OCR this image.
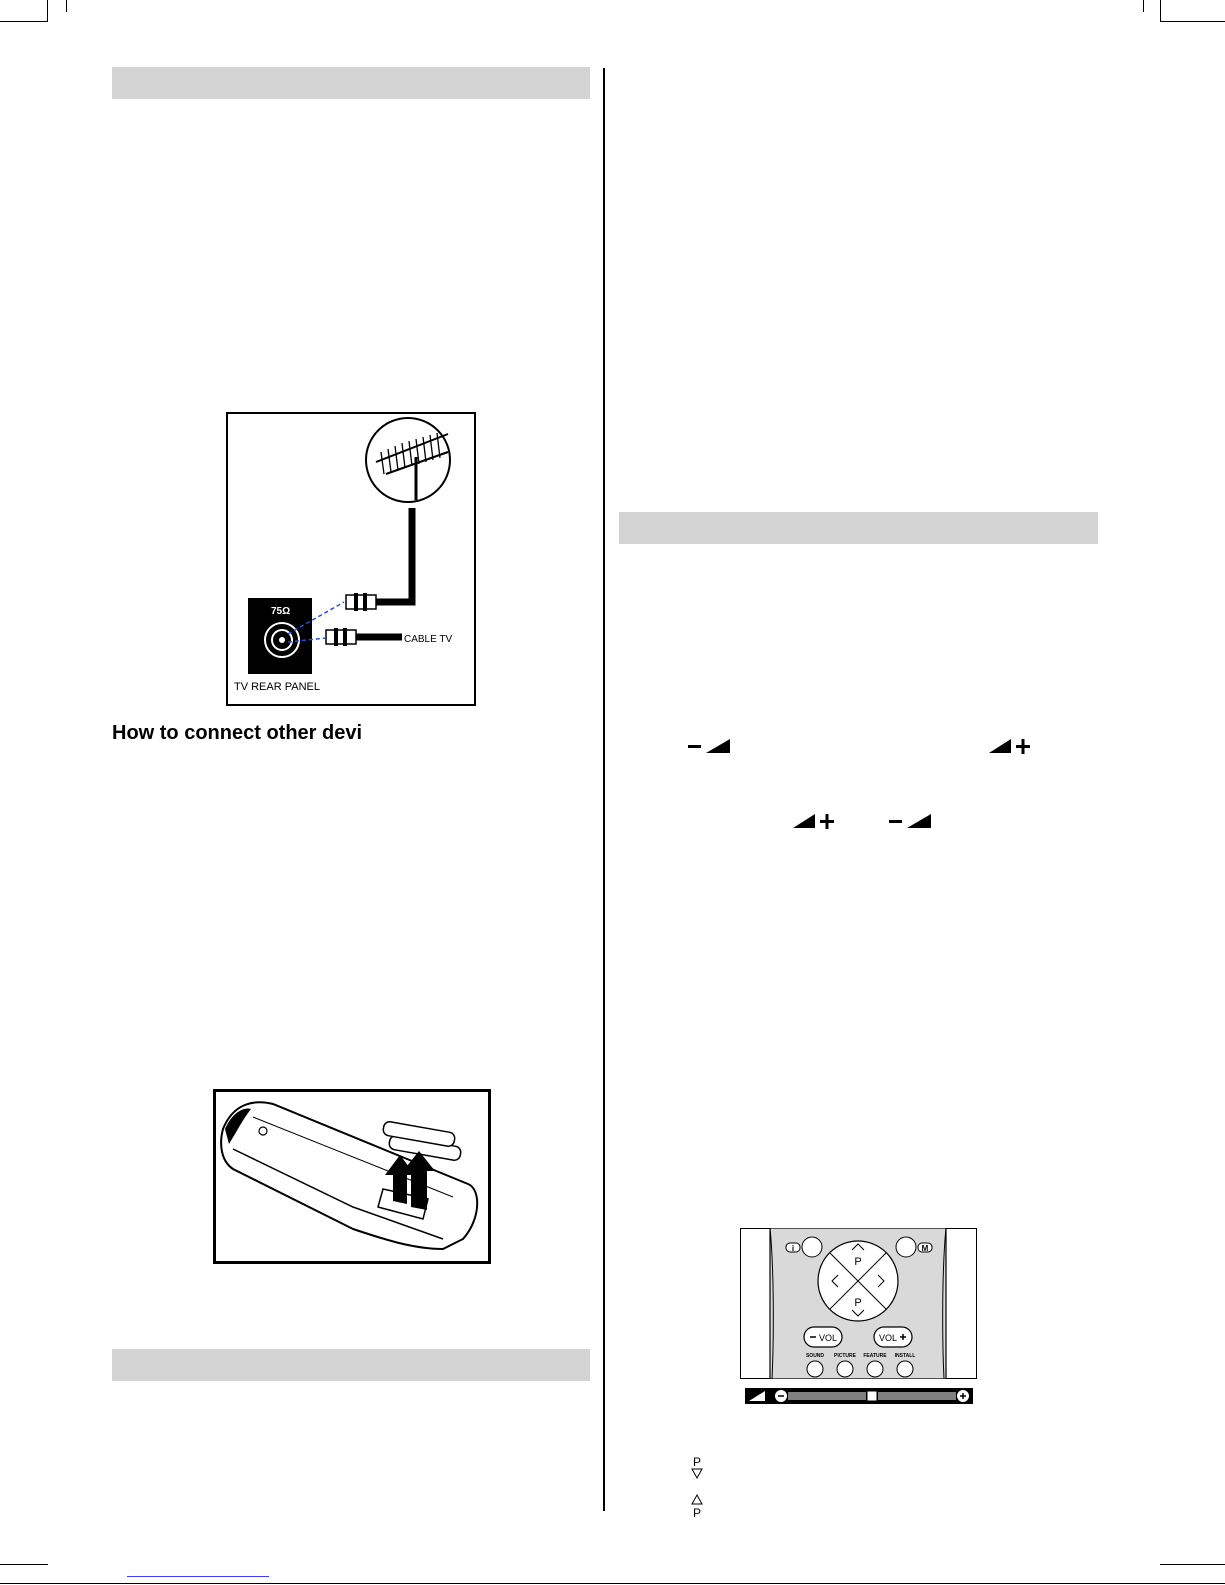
75Ω
CABLE TV
TV REAR PANEL
How to connect other devi
i	M
P
P
VOL	VOL
SOUND PICTURE FEATURE INSTALL
P
P
